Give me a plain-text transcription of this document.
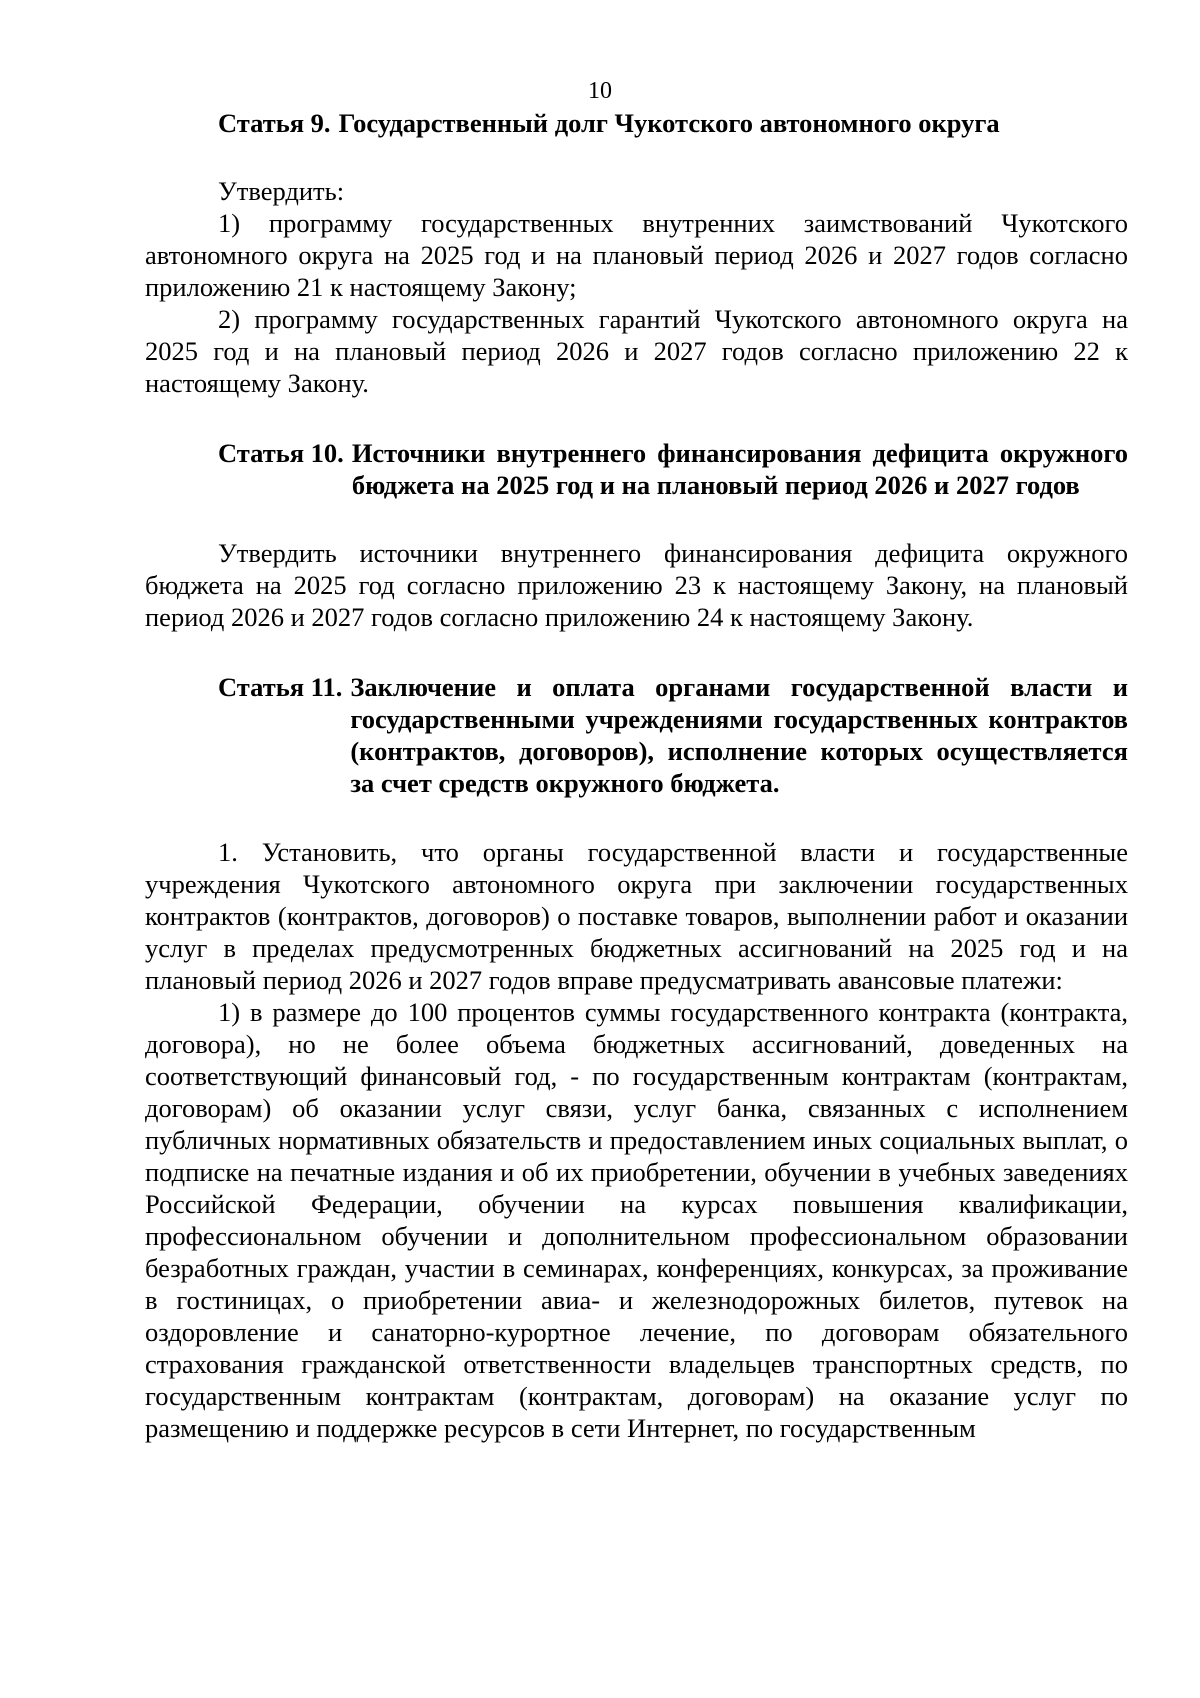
10
Статья 9. Государственный долг Чукотского автономного округа

Утвердить:

1) программу государственных внутренних заимствований Чукотского автономного округа на 2025 год и на плановый период 2026 и 2027 годов согласно приложению 21 к настоящему Закону;

2) программу государственных гарантий Чукотского автономного округа на 2025 год и на плановый период 2026 и 2027 годов согласно приложению 22 к настоящему Закону.

Статья 10. Источники внутреннего финансирования дефицита окружного бюджета на 2025 год и на плановый период 2026 и 2027 годов

Утвердить источники внутреннего финансирования дефицита окружного бюджета на 2025 год согласно приложению 23 к настоящему Закону, на плановый период 2026 и 2027 годов согласно приложению 24 к настоящему Закону.

Статья 11. Заключение и оплата органами государственной власти и государственными учреждениями государственных контрактов (контрактов, договоров), исполнение которых осуществляется за счет средств окружного бюджета.

1. Установить, что органы государственной власти и государственные учреждения Чукотского автономного округа при заключении государственных контрактов (контрактов, договоров) о поставке товаров, выполнении работ и оказании услуг в пределах предусмотренных бюджетных ассигнований на 2025 год и на плановый период 2026 и 2027 годов вправе предусматривать авансовые платежи:

1) в размере до 100 процентов суммы государственного контракта (контракта, договора), но не более объема бюджетных ассигнований, доведенных на соответствующий финансовый год, - по государственным контрактам (контрактам, договорам) об оказании услуг связи, услуг банка, связанных с исполнением публичных нормативных обязательств и предоставлением иных социальных выплат, о подписке на печатные издания и об их приобретении, обучении в учебных заведениях Российской Федерации, обучении на курсах повышения квалификации, профессиональном обучении и дополнительном профессиональном образовании безработных граждан, участии в семинарах, конференциях, конкурсах, за проживание в гостиницах, о приобретении авиа- и железнодорожных билетов, путевок на оздоровление и санаторно-курортное лечение, по договорам обязательного страхования гражданской ответственности владельцев транспортных средств, по государственным контрактам (контрактам, договорам) на оказание услуг по размещению и поддержке ресурсов в сети Интернет, по государственным
